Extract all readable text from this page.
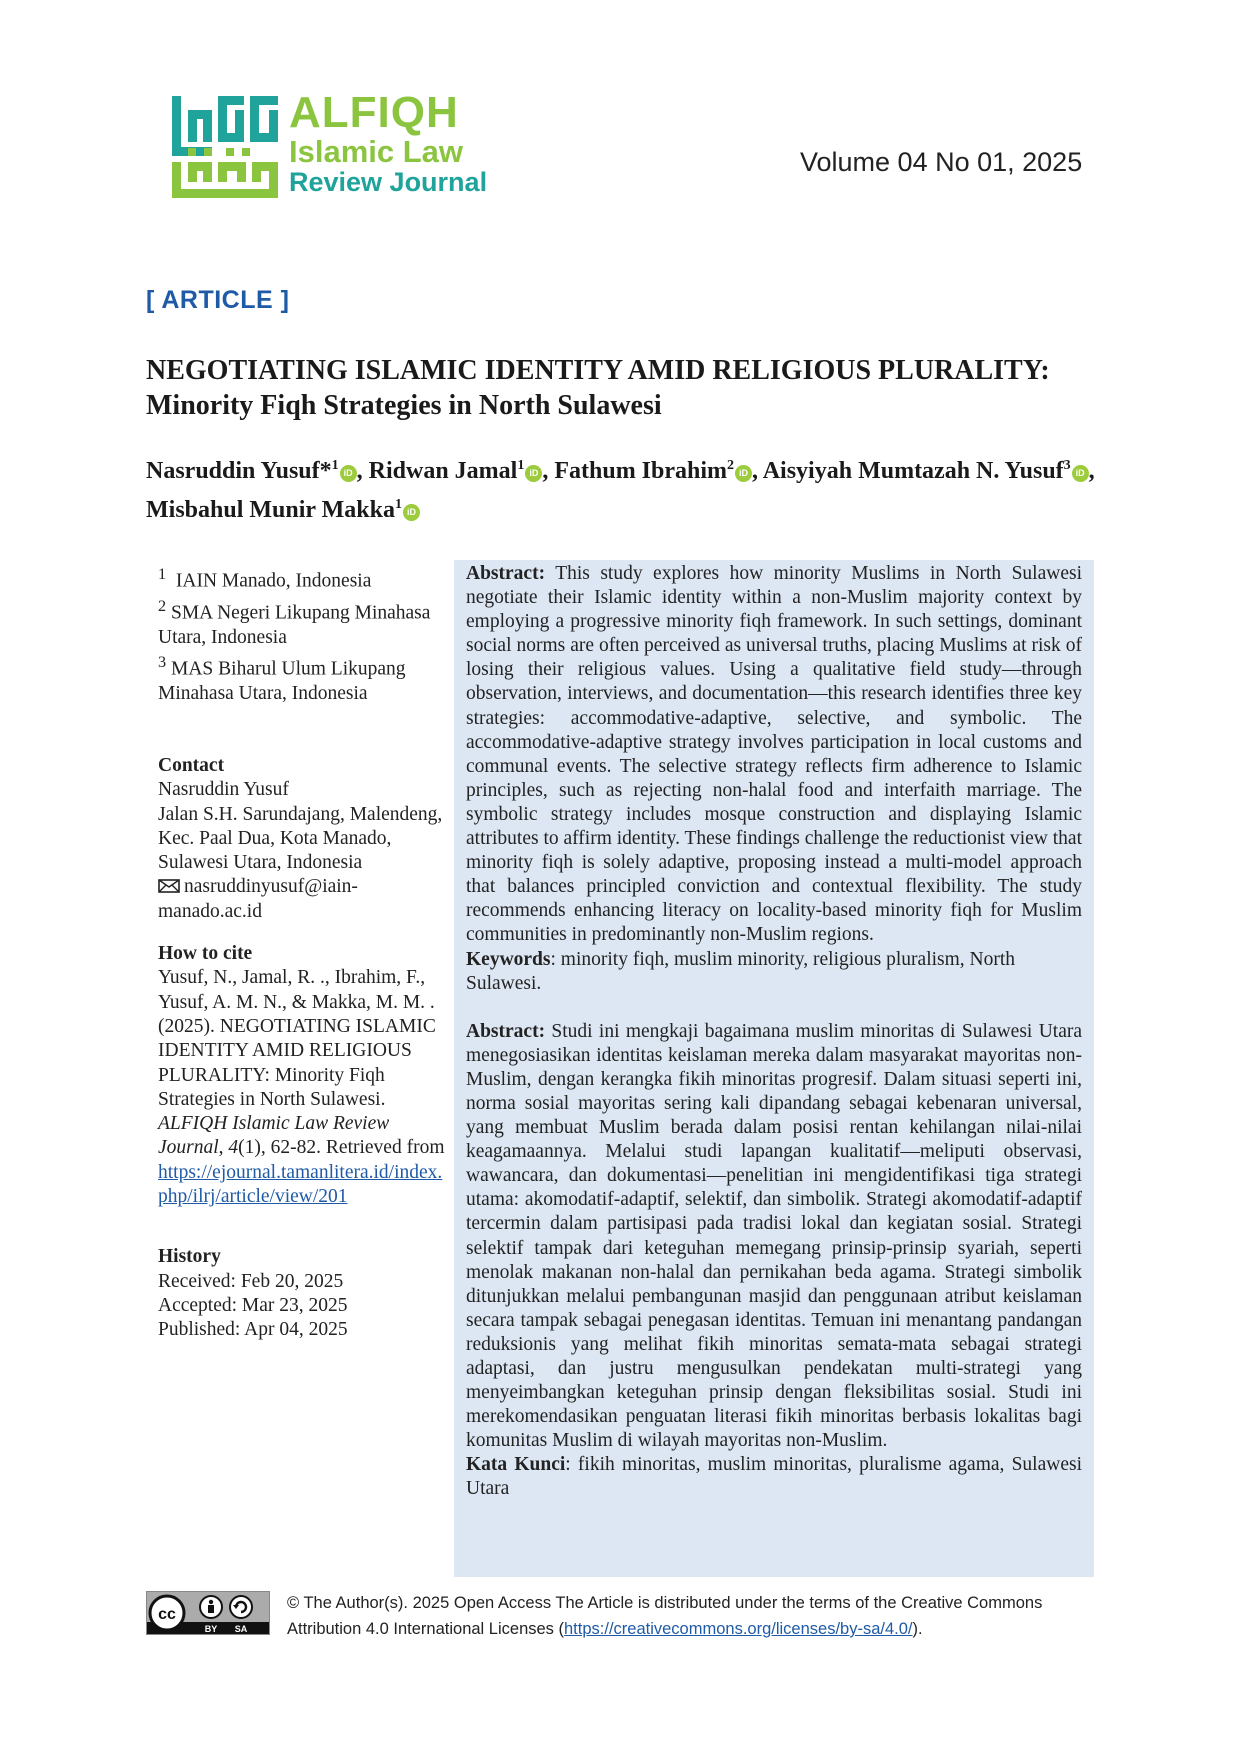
ALFIQH
Islamic Law
Review Journal
Volume 04 No 01, 2025
[ ARTICLE ]
NEGOTIATING ISLAMIC IDENTITY AMID RELIGIOUS PLURALITY:
Minority Fiqh Strategies in North Sulawesi
Nasruddin Yusuf*$^1$ iD , Ridwan Jamal$^1$ iD , Fathum Ibrahim$^2$ iD , Aisyiyah Mumtazah N. Yusuf$^3$ iD , Misbahul Munir Makka$^1$ iD

$^1$ IAIN Manado, Indonesia

$^2$ SMA Negeri Likupang Minahasa Utara, Indonesia

$^3$ MAS Biharul Ulum Likupang Minahasa Utara, Indonesia

Contact

Nasruddin Yusuf

Jalan S.H. Sarundajang, Malendeng, Kec. Paal Dua, Kota Manado, Sulawesi Utara, Indonesia

nasruddinyusuf@iain-manado.ac.id

How to cite

Yusuf, N., Jamal, R. ., Ibrahim, F., Yusuf, A. M. N., & Makka, M. M. . (2025). NEGOTIATING ISLAMIC IDENTITY AMID RELIGIOUS PLURALITY: Minority Fiqh Strategies in North Sulawesi. ALFIQH Islamic Law Review Journal, 4(1), 62-82. Retrieved from

https://ejournal.tamanlitera.id/index.php/ilrj/article/view/201

History

Received: Feb 20, 2025

Accepted: Mar 23, 2025

Published: Apr 04, 2025

Abstract: This study explores how minority Muslims in North Sulawesi negotiate their Islamic identity within a non-Muslim majority context by employing a progressive minority fiqh framework. In such settings, dominant social norms are often perceived as universal truths, placing Muslims at risk of losing their religious values. Using a qualitative field study—through observation, interviews, and documentation—this research identifies three key strategies: accommodative-adaptive, selective, and symbolic. The accommodative-adaptive strategy involves participation in local customs and communal events. The selective strategy reflects firm adherence to Islamic principles, such as rejecting non-halal food and interfaith marriage. The symbolic strategy includes mosque construction and displaying Islamic attributes to affirm identity. These findings challenge the reductionist view that minority fiqh is solely adaptive, proposing instead a multi-model approach that balances principled conviction and contextual flexibility. The study recommends enhancing literacy on locality-based minority fiqh for Muslim communities in predominantly non-Muslim regions.

Keywords: minority fiqh, muslim minority, religious pluralism, North Sulawesi.

Abstract: Studi ini mengkaji bagaimana muslim minoritas di Sulawesi Utara menegosiasikan identitas keislaman mereka dalam masyarakat mayoritas non-Muslim, dengan kerangka fikih minoritas progresif. Dalam situasi seperti ini, norma sosial mayoritas sering kali dipandang sebagai kebenaran universal, yang membuat Muslim berada dalam posisi rentan kehilangan nilai-nilai keagamaannya. Melalui studi lapangan kualitatif—meliputi observasi, wawancara, dan dokumentasi—penelitian ini mengidentifikasi tiga strategi utama: akomodatif-adaptif, selektif, dan simbolik. Strategi akomodatif-adaptif tercermin dalam partisipasi pada tradisi lokal dan kegiatan sosial. Strategi selektif tampak dari keteguhan memegang prinsip-prinsip syariah, seperti menolak makanan non-halal dan pernikahan beda agama. Strategi simbolik ditunjukkan melalui pembangunan masjid dan penggunaan atribut keislaman secara tampak sebagai penegasan identitas. Temuan ini menantang pandangan reduksionis yang melihat fikih minoritas semata-mata sebagai strategi adaptasi, dan justru mengusulkan pendekatan multi-strategi yang menyeimbangkan keteguhan prinsip dengan fleksibilitas sosial. Studi ini merekomendasikan penguatan literasi fikih minoritas berbasis lokalitas bagi komunitas Muslim di wilayah mayoritas non-Muslim.

Kata Kunci: fikih minoritas, muslim minoritas, pluralisme agama, Sulawesi Utara

cc
BY SA
© The Author(s). 2025 Open Access The Article is distributed under the terms of the Creative Commons Attribution 4.0 International Licenses (https://creativecommons.org/licenses/by-sa/4.0/).
